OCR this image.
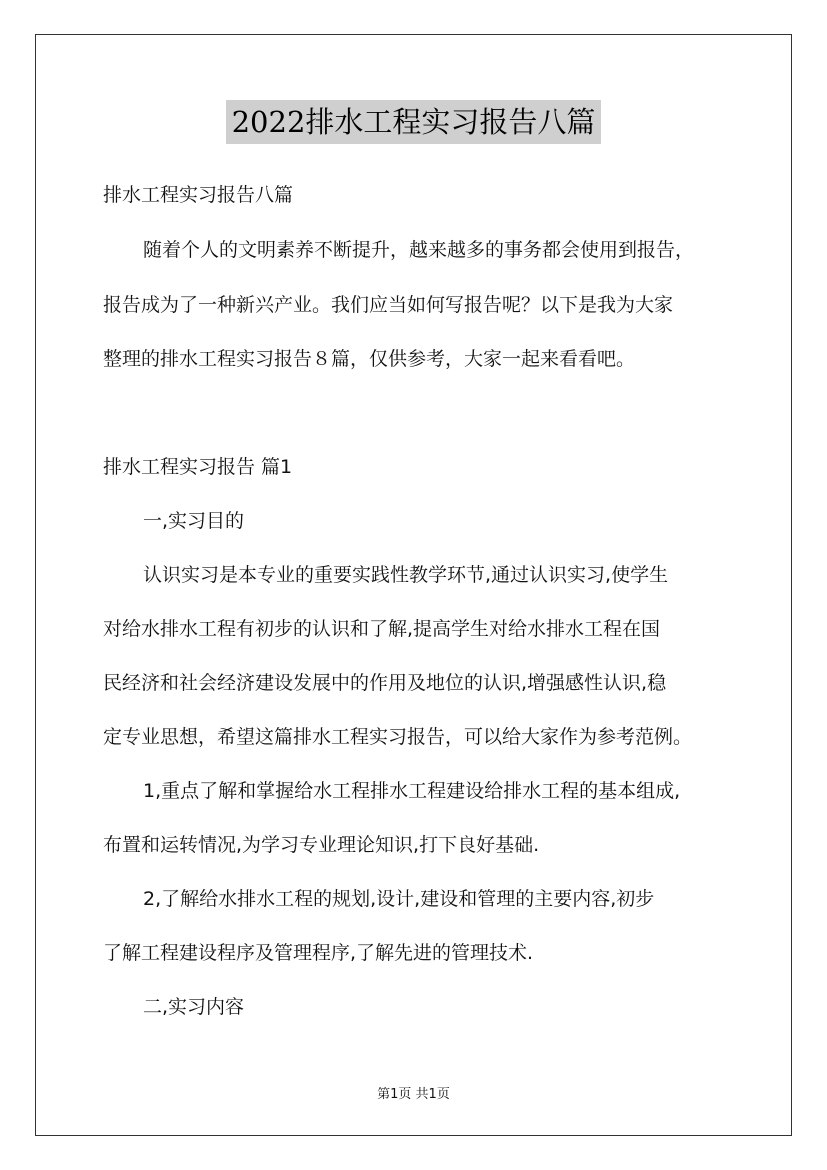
2022排水工程实习报告八篇
排水工程实习报告八篇
随着个人的文明素养不断提升，越来越多的事务都会使用到报告，
报告成为了一种新兴产业。我们应当如何写报告呢？以下是我为大家
整理的排水工程实习报告８篇，仅供参考，大家一起来看看吧。
排水工程实习报告 篇1
一,实习目的
认识实习是本专业的重要实践性教学环节,通过认识实习,使学生
对给水排水工程有初步的认识和了解,提高学生对给水排水工程在国
民经济和社会经济建设发展中的作用及地位的认识,增强感性认识,稳
定专业思想，希望这篇排水工程实习报告，可以给大家作为参考范例。
1,重点了解和掌握给水工程排水工程建设给排水工程的基本组成,
布置和运转情况,为学习专业理论知识,打下良好基础.
2,了解给水排水工程的规划,设计,建设和管理的主要内容,初步
了解工程建设程序及管理程序,了解先进的管理技术.
二,实习内容
第1页 共1页
